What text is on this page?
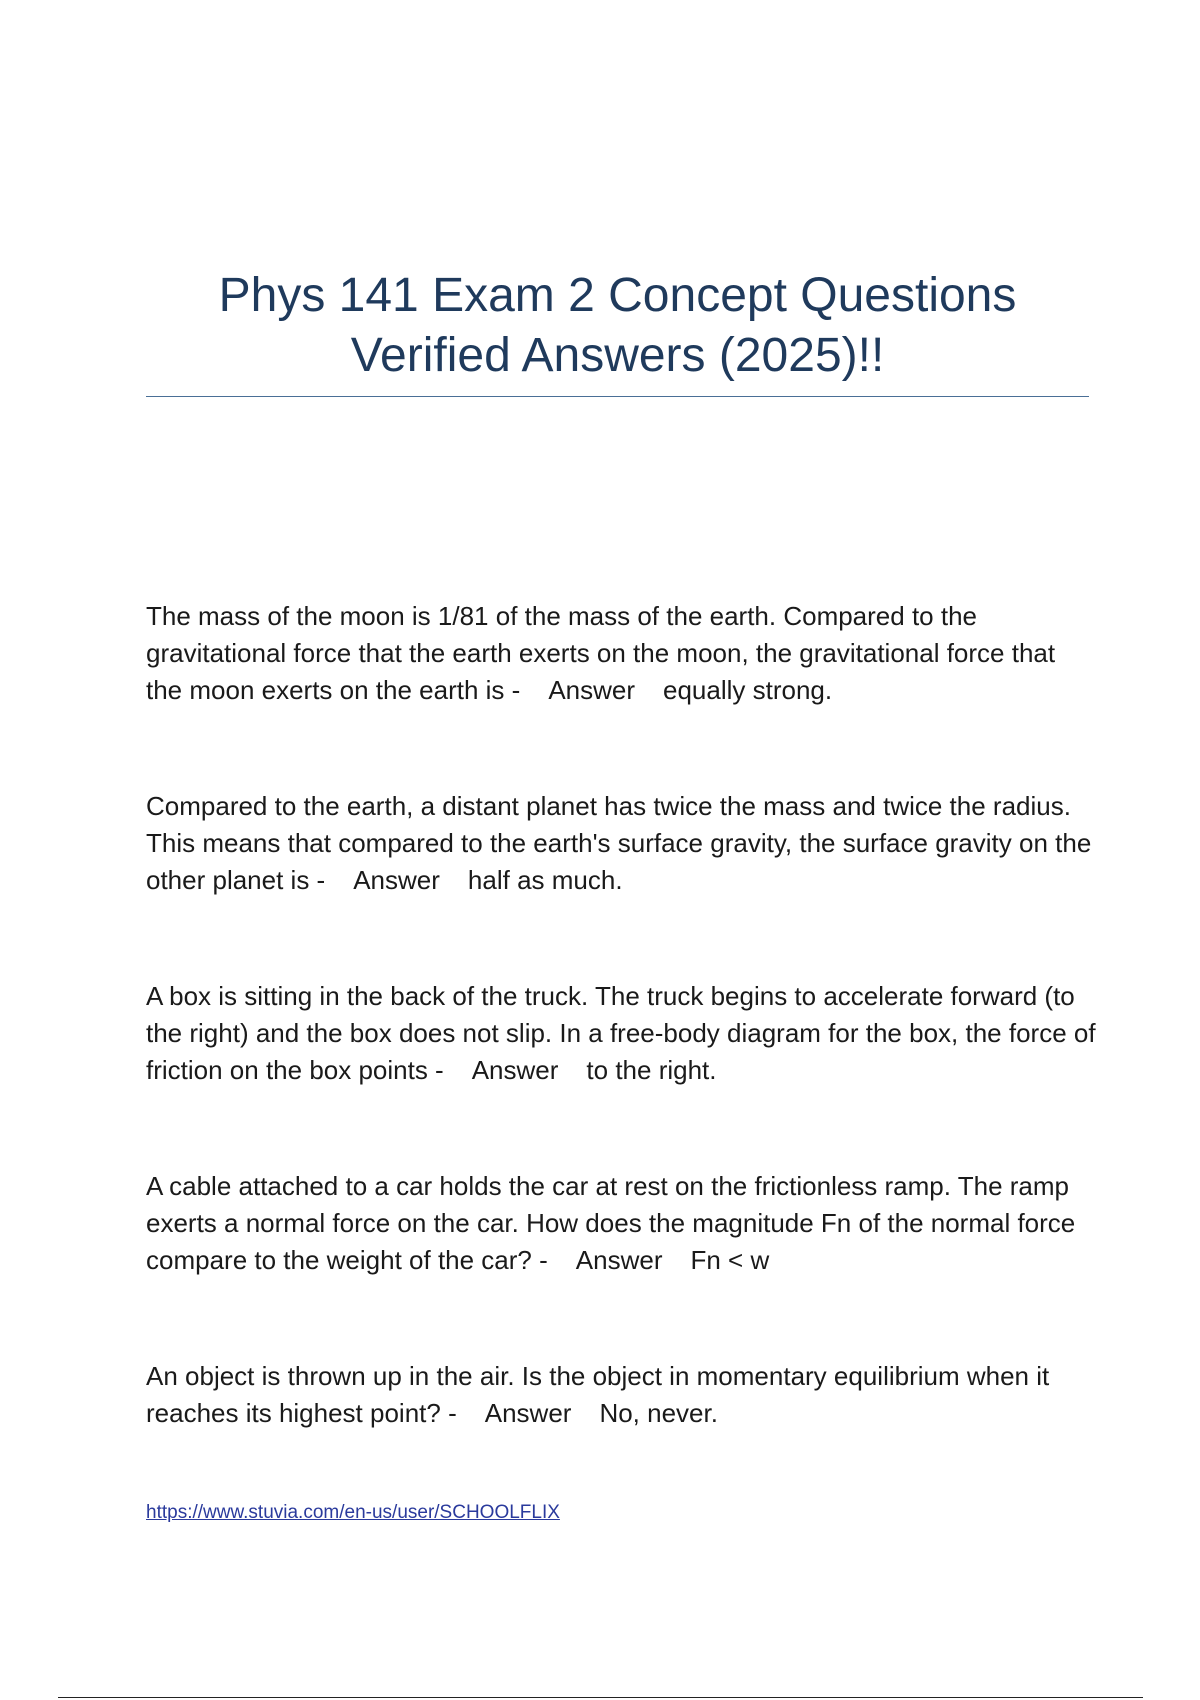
Phys 141 Exam 2 Concept Questions
Verified Answers (2025)!!
The mass of the moon is 1/81 of the mass of the earth. Compared to the gravitational force that the earth exerts on the moon, the gravitational force that the moon exerts on the earth is - Answer equally strong.
Compared to the earth, a distant planet has twice the mass and twice the radius. This means that compared to the earth's surface gravity, the surface gravity on the other planet is - Answer half as much.
A box is sitting in the back of the truck. The truck begins to accelerate forward (to the right) and the box does not slip. In a free-body diagram for the box, the force of friction on the box points - Answer to the right.
A cable attached to a car holds the car at rest on the frictionless ramp. The ramp exerts a normal force on the car. How does the magnitude Fn of the normal force compare to the weight of the car? - Answer Fn < w
An object is thrown up in the air. Is the object in momentary equilibrium when it reaches its highest point? - Answer No, never.
https://www.stuvia.com/en-us/user/SCHOOLFLIX
